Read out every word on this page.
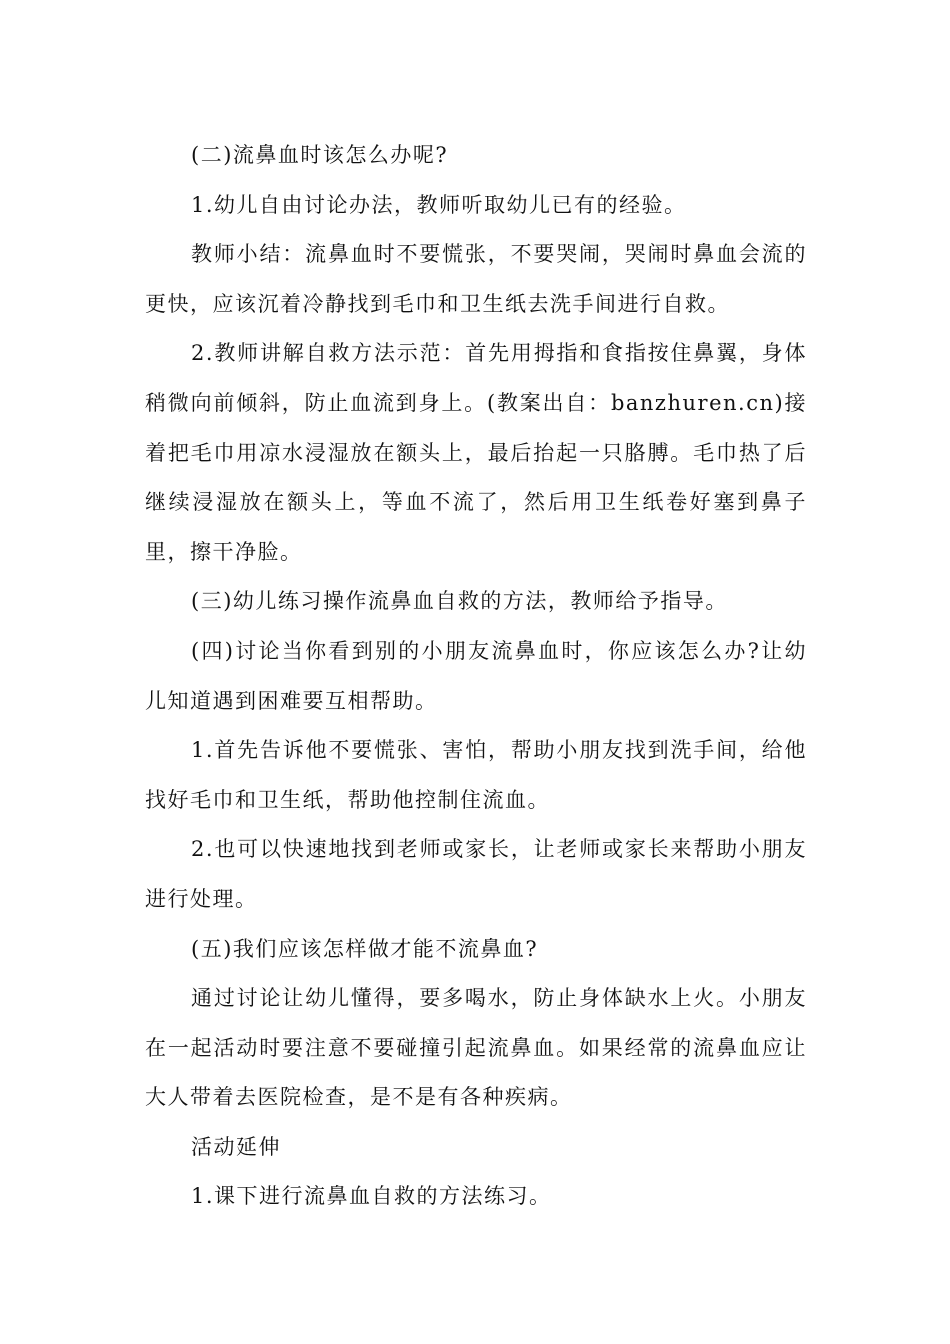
(二)流鼻血时该怎么办呢?

1.幼儿自由讨论办法，教师听取幼儿已有的经验。

教师小结：流鼻血时不要慌张，不要哭闹，哭闹时鼻血会流的更快，应该沉着冷静找到毛巾和卫生纸去洗手间进行自救。

2.教师讲解自救方法示范：首先用拇指和食指按住鼻翼，身体稍微向前倾斜，防止血流到身上。(教案出自：banzhuren.cn)接着把毛巾用凉水浸湿放在额头上，最后抬起一只胳膊。毛巾热了后继续浸湿放在额头上，等血不流了，然后用卫生纸卷好塞到鼻子里，擦干净脸。

(三)幼儿练习操作流鼻血自救的方法，教师给予指导。

(四)讨论当你看到别的小朋友流鼻血时，你应该怎么办?让幼儿知道遇到困难要互相帮助。

1.首先告诉他不要慌张、害怕，帮助小朋友找到洗手间，给他找好毛巾和卫生纸，帮助他控制住流血。

2.也可以快速地找到老师或家长，让老师或家长来帮助小朋友进行处理。

(五)我们应该怎样做才能不流鼻血?

通过讨论让幼儿懂得，要多喝水，防止身体缺水上火。小朋友在一起活动时要注意不要碰撞引起流鼻血。如果经常的流鼻血应让大人带着去医院检查，是不是有各种疾病。

活动延伸

1.课下进行流鼻血自救的方法练习。
